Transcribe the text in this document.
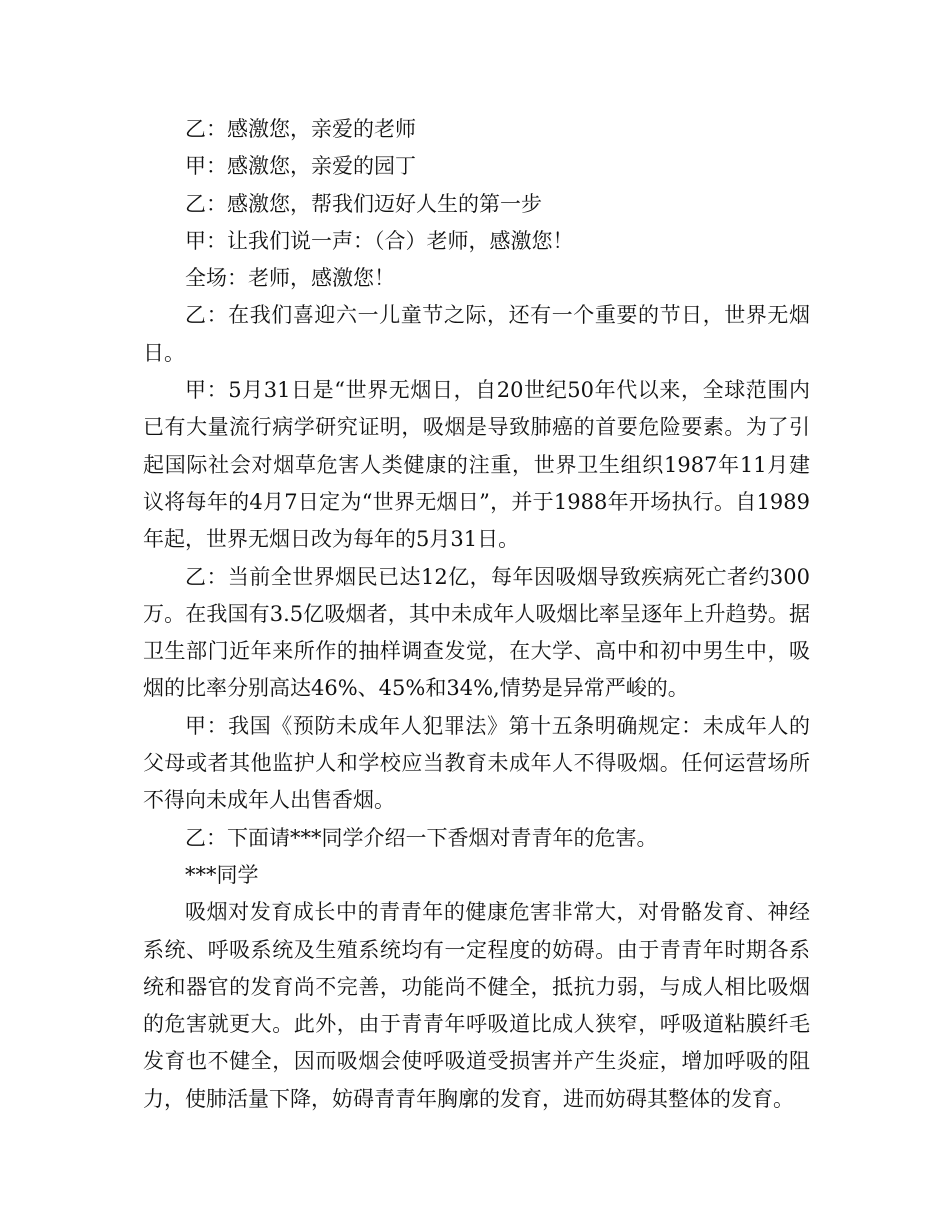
乙：感激您，亲爱的老师

甲：感激您，亲爱的园丁

乙：感激您，帮我们迈好人生的第一步

甲：让我们说一声：（合）老师，感激您！

全场：老师，感激您！

乙：在我们喜迎六一儿童节之际，还有一个重要的节日，世界无烟日。

甲：5月31日是“世界无烟日，自20世纪50年代以来，全球范围内已有大量流行病学研究证明，吸烟是导致肺癌的首要危险要素。为了引起国际社会对烟草危害人类健康的注重，世界卫生组织1987年11月建议将每年的4月7日定为“世界无烟日”，并于1988年开场执行。自1989年起，世界无烟日改为每年的5月31日。

乙：当前全世界烟民已达12亿，每年因吸烟导致疾病死亡者约300万。在我国有3.5亿吸烟者，其中未成年人吸烟比率呈逐年上升趋势。据卫生部门近年来所作的抽样调查发觉，在大学、高中和初中男生中，吸烟的比率分别高达46%、45%和34%,情势是异常严峻的。

甲：我国《预防未成年人犯罪法》第十五条明确规定：未成年人的父母或者其他监护人和学校应当教育未成年人不得吸烟。任何运营场所不得向未成年人出售香烟。

乙：下面请***同学介绍一下香烟对青青年的危害。

***同学

吸烟对发育成长中的青青年的健康危害非常大，对骨骼发育、神经系统、呼吸系统及生殖系统均有一定程度的妨碍。由于青青年时期各系统和器官的发育尚不完善，功能尚不健全，抵抗力弱，与成人相比吸烟的危害就更大。此外，由于青青年呼吸道比成人狭窄，呼吸道粘膜纤毛发育也不健全，因而吸烟会使呼吸道受损害并产生炎症，增加呼吸的阻力，使肺活量下降，妨碍青青年胸廓的发育，进而妨碍其整体的发育。
